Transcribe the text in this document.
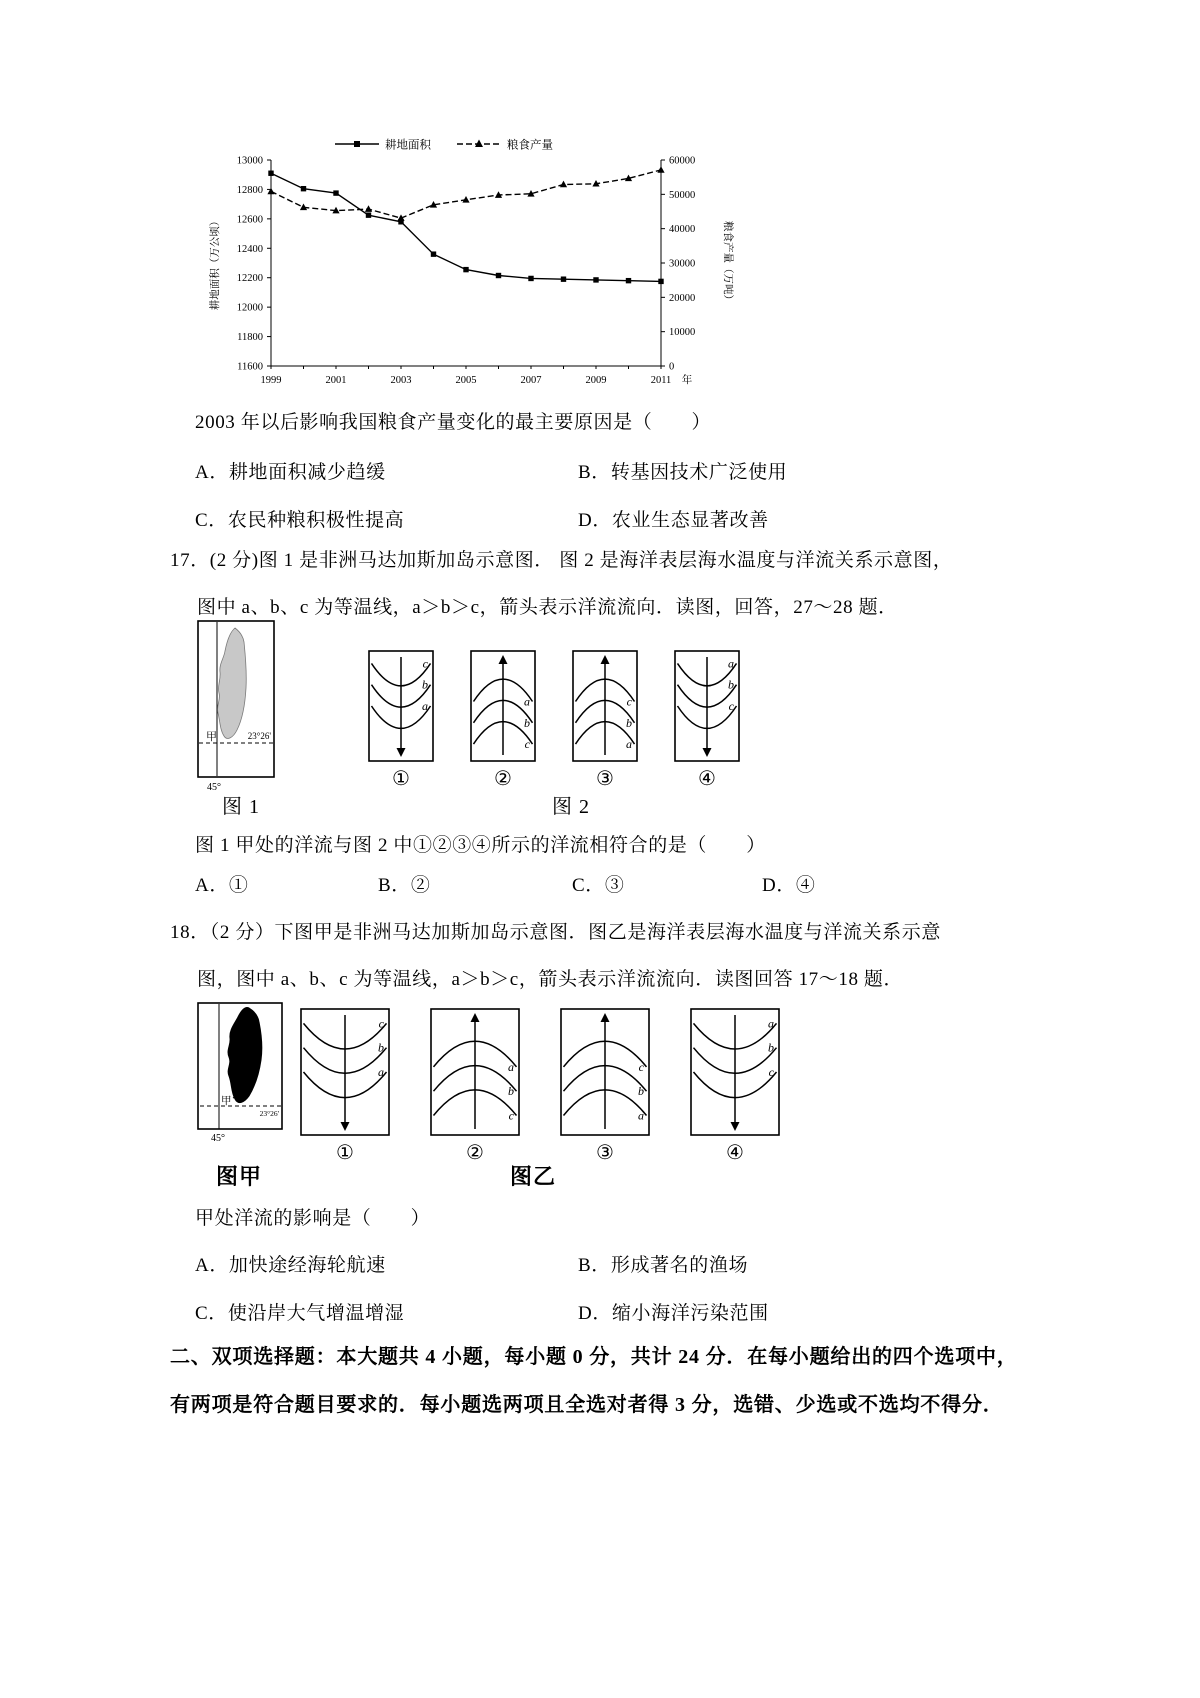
11600
11800
12000
12200
12400
12600
12800
13000
0
10000
20000
30000
40000
50000
60000
1999	2001	2003	2005	2007	2009	2011 年
耕地面积	粮食产量
耕地面积（万公顷）	粮食产量（万吨）
2003 年以后影响我国粮食产量变化的最主要原因是（　　）
A．耕地面积减少趋缓	B．转基因技术广泛使用
C．农民种粮积极性提高	D．农业生态显著改善
17．(2 分)图 1 是非洲马达加斯加岛示意图． 图 2 是海洋表层海水温度与洋流关系示意图，
图中 a、b、c 为等温线，a＞b＞c，箭头表示洋流流向．读图，回答，27～28 题．
甲	23°26'
45°
c
b
a
①
a
b
c
②
c
b
a
③
a
b
c
④
图 1	图 2
图 1 甲处的洋流与图 2 中①②③④所示的洋流相符合的是（　　）
A．①	B．②	C．③	D．④
18．（2 分）下图甲是非洲马达加斯加岛示意图．图乙是海洋表层海水温度与洋流关系示意
图，图中 a、b、c 为等温线，a＞b＞c，箭头表示洋流流向．读图回答 17～18 题．
甲
23°26'
45°
c
b
a
①
a
b
c
②
c
b
a
③
a
b
c
④
图甲	图乙
甲处洋流的影响是（　　）
A．加快途经海轮航速	B．形成著名的渔场
C．使沿岸大气增温增湿	D．缩小海洋污染范围
二、双项选择题：本大题共 4 小题，每小题 0 分，共计 24 分．在每小题给出的四个选项中，
有两项是符合题目要求的．每小题选两项且全选对者得 3 分，选错、少选或不选均不得分．
